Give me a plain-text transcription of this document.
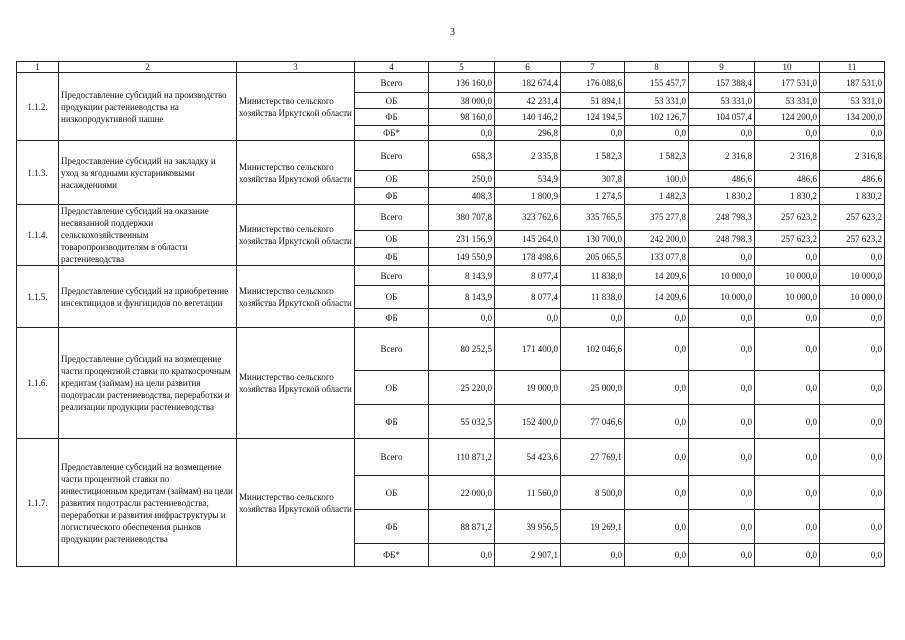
3
1	2	3	4	5	6	7	8	9	10	11
1.1.2.	Предоставление субсидий на производство продукции растениеводства на низкопродуктивной пашне	Министерство сельского хозяйства Иркутской области	Всего	136 160,0	182 674,4	176 088,6	155 457,7	157 388,4	177 531,0	187 531,0
			ОБ	38 000,0	42 231,4	51 894,1	53 331,0	53 331,0	53 331,0	53 331,0
			ФБ	98 160,0	140 146,2	124 194,5	102 126,7	104 057,4	124 200,0	134 200,0
			ФБ*	0,0	296,8	0,0	0,0	0,0	0,0	0,0
1.1.3.	Предоставление субсидий на закладку и уход за ягодными кустарниковыми насаждениями	Министерство сельского хозяйства Иркутской области	Всего	658,3	2 335,8	1 582,3	1 582,3	2 316,8	2 316,8	2 316,8
			ОБ	250,0	534,9	307,8	100,0	486,6	486,6	486,6
			ФБ	408,3	1 800,9	1 274,5	1 482,3	1 830,2	1 830,2	1 830,2
1.1.4.	Предоставление субсидий на оказание несвязанной поддержки сельскохозяйственным товаропроизводителям в области растениеводства	Министерство сельского хозяйства Иркутской области	Всего	380 707,8	323 762,6	335 765,5	375 277,8	248 798,3	257 623,2	257 623,2
			ОБ	231 156,9	145 264,0	130 700,0	242 200,0	248 798,3	257 623,2	257 623,2
			ФБ	149 550,9	178 498,6	205 065,5	133 077,8	0,0	0,0	0,0
1.1.5.	Предоставление субсидий на приобретение инсектицидов и фунгицидов по вегетации	Министерство сельского хозяйства Иркутской области	Всего	8 143,9	8 077,4	11 838,0	14 209,6	10 000,0	10 000,0	10 000,0
			ОБ	8 143,9	8 077,4	11 838,0	14 209,6	10 000,0	10 000,0	10 000,0
			ФБ	0,0	0,0	0,0	0,0	0,0	0,0	0,0
1.1.6.	Предоставление субсидий на возмещение части процентной ставки по краткосрочным кредитам (займам) на цели развития подотрасли растениеводства, переработки и реализации продукции растениеводства	Министерство сельского хозяйства Иркутской области	Всего	80 252,5	171 400,0	102 046,6	0,0	0,0	0,0	0,0
			ОБ	25 220,0	19 000,0	25 000,0	0,0	0,0	0,0	0,0
			ФБ	55 032,5	152 400,0	77 046,6	0,0	0,0	0,0	0,0
1.1.7.	Предоставление субсидий на возмещение части процентной ставки по инвестиционным кредитам (займам) на цели развития подотрасли растениеводства, переработки и развития инфраструктуры и логистического обеспечения рынков продукции растениеводства	Министерство сельского хозяйства Иркутской области	Всего	110 871,2	54 423,6	27 769,1	0,0	0,0	0,0	0,0
			ОБ	22 000,0	11 560,0	8 500,0	0,0	0,0	0,0	0,0
			ФБ	88 871,2	39 956,5	19 269,1	0,0	0,0	0,0	0,0
			ФБ*	0,0	2 907,1	0,0	0,0	0,0	0,0	0,0
